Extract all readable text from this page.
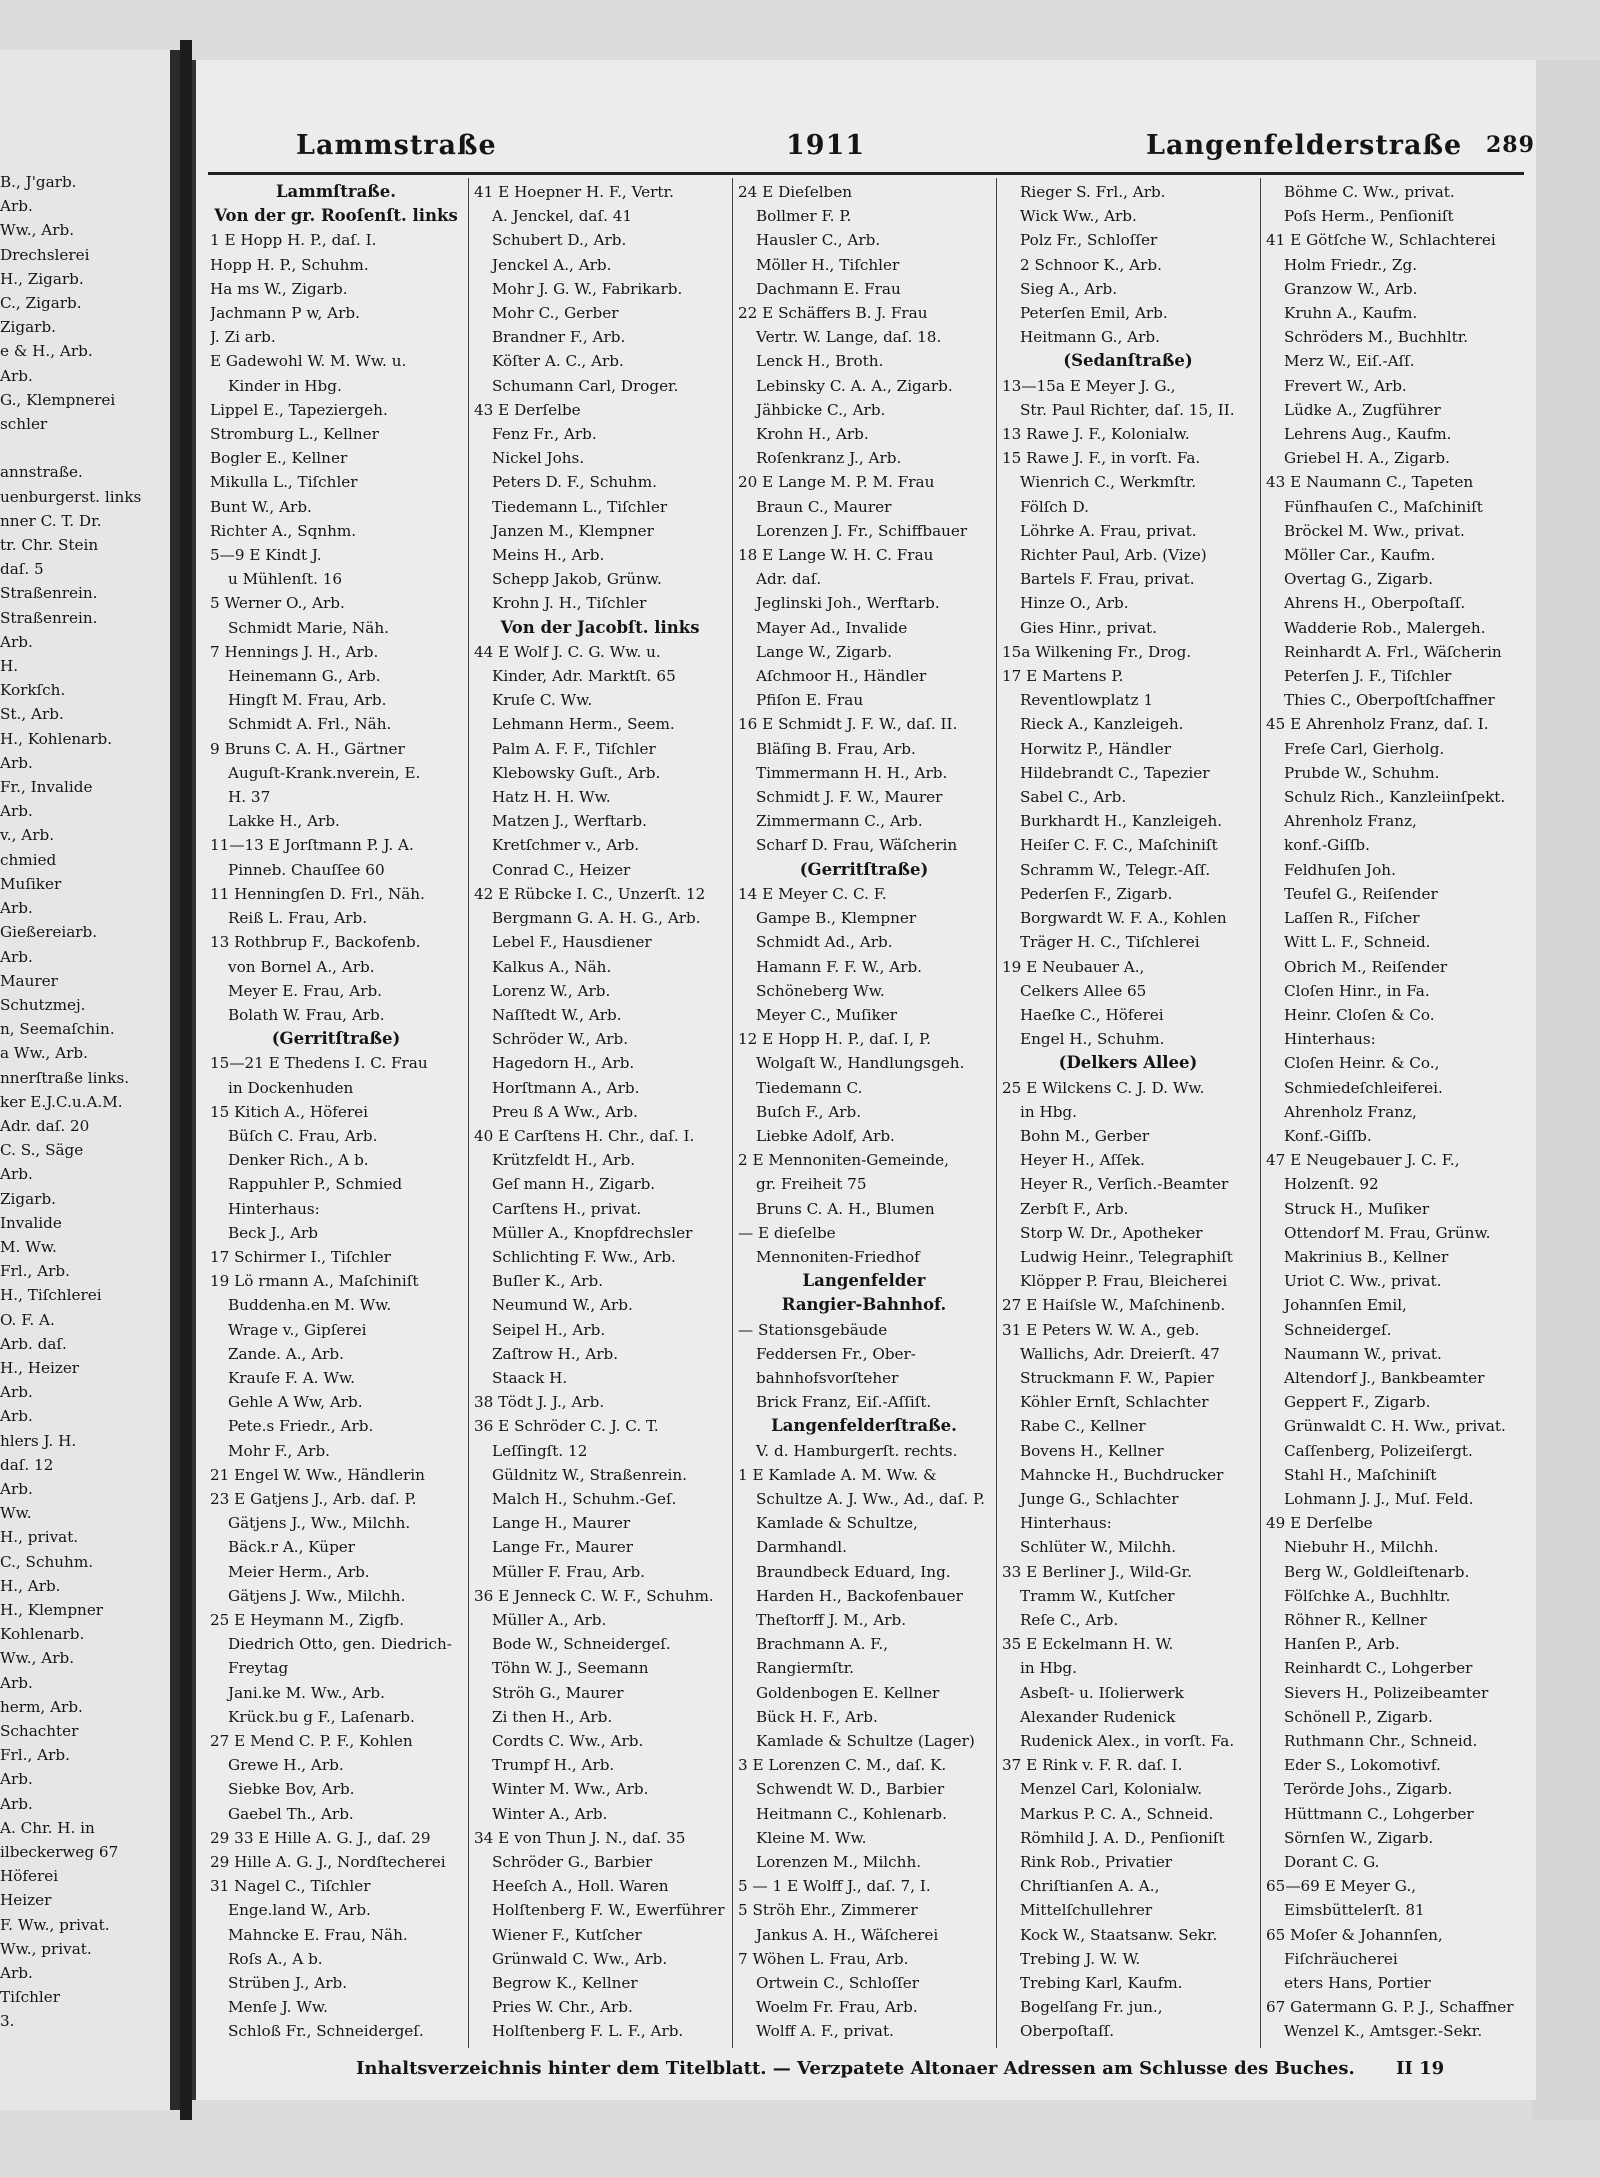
B., J'garb.
Arb.
Ww., Arb.
Drechslerei
H., Zigarb.
C., Zigarb.
Zigarb.
e & H., Arb.
Arb.
G., Klempnerei
schler

annstraße.
uenburgerst. links
nner C. T. Dr.
tr. Chr. Stein
daſ. 5
Straßenrein.
Straßenrein.
Arb.
H.
Korkſch.
St., Arb.
H., Kohlenarb.
Arb.
Fr., Invalide
Arb.
v., Arb.
chmied
Muſiker
Arb.
Gießereiarb.
Arb.
Maurer
Schutzmej.
n, Seemaſchin.
a Ww., Arb.
nnerſtraße links.
ker E.J.C.u.A.M.
Adr. daſ. 20
C. S., Säge
Arb.
Zigarb.
Invalide
M. Ww.
Frl., Arb.
H., Tiſchlerei
O. F. A.
Arb. daſ.
H., Heizer
Arb.
Arb.
hlers J. H.
daſ. 12
Arb.
Ww.
H., privat.
C., Schuhm.
H., Arb.
H., Klempner
Kohlenarb.
Ww., Arb.
Arb.
herm, Arb.
Schachter
Frl., Arb.
Arb.
Arb.
A. Chr. H. in
ilbeckerweg 67
Höferei
Heizer
F. Ww., privat.
Ww., privat.
Arb.
Tiſchler
3.
Lammstraße	1911	Langenfelderstraße 289
Lammſtraße.
Von der gr. Rooſenſt. links
1 E Hopp H. P., daſ. I.
Hopp H. P., Schuhm.
Ha ms W., Zigarb.
Jachmann P w, Arb.
J. Zi arb.
E Gadewohl W. M. Ww. u.
Kinder in Hbg.
Lippel E., Tapeziergeh.
Stromburg L., Kellner
Bogler E., Kellner
Mikulla L., Tiſchler
Bunt W., Arb.
Richter A., Sqnhm.
5—9 E Kindt J.
u Mühlenſt. 16
5 Werner O., Arb.
Schmidt Marie, Näh.
7 Hennings J. H., Arb.
Heinemann G., Arb.
Hingſt M. Frau, Arb.
Schmidt A. Frl., Näh.
9 Bruns C. A. H., Gärtner
Auguſt-Krank.nverein, E.
H. 37
Lakke H., Arb.
11—13 E Jorſtmann P. J. A.
Pinneb. Chauſſee 60
11 Henningſen D. Frl., Näh.
Reiß L. Frau, Arb.
13 Rothbrup F., Backofenb.
von Bornel A., Arb.
Meyer E. Frau, Arb.
Bolath W. Frau, Arb.
(Gerritſtraße)
15—21 E Thedens I. C. Frau
in Dockenhuden
15 Kitich A., Höferei
Büſch C. Frau, Arb.
Denker Rich., A b.
Rappuhler P., Schmied
Hinterhaus:
Beck J., Arb
17 Schirmer I., Tiſchler
19 Lö rmann A., Maſchiniſt
Buddenha.en M. Ww.
Wrage v., Gipſerei
Zande. A., Arb.
Krauſe F. A. Ww.
Gehle A Ww, Arb.
Pete.s Friedr., Arb.
Mohr F., Arb.
21 Engel W. Ww., Händlerin
23 E Gatjens J., Arb. daſ. P.
Gätjens J., Ww., Milchh.
Bäck.r A., Küper
Meier Herm., Arb.
Gätjens J. Ww., Milchh.
25 E Heymann M., Zigfb.
Diedrich Otto, gen. Diedrich-
Freytag
Jani.ke M. Ww., Arb.
Krück.bu g F., Laſenarb.
27 E Mend C. P. F., Kohlen
Grewe H., Arb.
Siebke Bov, Arb.
Gaebel Th., Arb.
29 33 E Hille A. G. J., daſ. 29
29 Hille A. G. J., Nordſtecherei
31 Nagel C., Tiſchler
Enge.land W., Arb.
Mahncke E. Frau, Näh.
Roſs A., A b.
Strüben J., Arb.
Menſe J. Ww.
Schloß Fr., Schneidergeſ.
41 E Hoepner H. F., Vertr.
A. Jenckel, daſ. 41
Schubert D., Arb.
Jenckel A., Arb.
Mohr J. G. W., Fabrikarb.
Mohr C., Gerber
Brandner F., Arb.
Köſter A. C., Arb.
Schumann Carl, Droger.
43 E Derſelbe
Fenz Fr., Arb.
Nickel Johs.
Peters D. F., Schuhm.
Tiedemann L., Tiſchler
Janzen M., Klempner
Meins H., Arb.
Schepp Jakob, Grünw.
Krohn J. H., Tiſchler
Von der Jacobſt. links
44 E Wolf J. C. G. Ww. u.
Kinder, Adr. Marktſt. 65
Kruſe C. Ww.
Lehmann Herm., Seem.
Palm A. F. F., Tiſchler
Klebowsky Guſt., Arb.
Hatz H. H. Ww.
Matzen J., Werftarb.
Kretſchmer v., Arb.
Conrad C., Heizer
42 E Rübcke I. C., Unzerſt. 12
Bergmann G. A. H. G., Arb.
Lebel F., Hausdiener
Kalkus A., Näh.
Lorenz W., Arb.
Naſſtedt W., Arb.
Schröder W., Arb.
Hagedorn H., Arb.
Horſtmann A., Arb.
Preu ß A Ww., Arb.
40 E Carſtens H. Chr., daſ. I.
Krützfeldt H., Arb.
Geſ mann H., Zigarb.
Carſtens H., privat.
Müller A., Knopfdrechsler
Schlichting F. Ww., Arb.
Buſler K., Arb.
Neumund W., Arb.
Seipel H., Arb.
Zaſtrow H., Arb.
Staack H.
38 Tödt J. J., Arb.
36 E Schröder C. J. C. T.
Leſſingſt. 12
Güldnitz W., Straßenrein.
Malch H., Schuhm.-Geſ.
Lange H., Maurer
Lange Fr., Maurer
Müller F. Frau, Arb.
36 E Jenneck C. W. F., Schuhm.
Müller A., Arb.
Bode W., Schneidergeſ.
Töhn W. J., Seemann
Ströh G., Maurer
Zi then H., Arb.
Cordts C. Ww., Arb.
Trumpf H., Arb.
Winter M. Ww., Arb.
Winter A., Arb.
34 E von Thun J. N., daſ. 35
Schröder G., Barbier
Heeſch A., Holl. Waren
Holſtenberg F. W., Ewerführer
Wiener F., Kutſcher
Grünwald C. Ww., Arb.
Begrow K., Kellner
Pries W. Chr., Arb.
Holſtenberg F. L. F., Arb.
24 E Dieſelben
Bollmer F. P.
Hausler C., Arb.
Möller H., Tiſchler
Dachmann E. Frau
22 E Schäffers B. J. Frau
Vertr. W. Lange, daſ. 18.
Lenck H., Broth.
Lebinsky C. A. A., Zigarb.
Jähbicke C., Arb.
Krohn H., Arb.
Roſenkranz J., Arb.
20 E Lange M. P. M. Frau
Braun C., Maurer
Lorenzen J. Fr., Schiffbauer
18 E Lange W. H. C. Frau
Adr. daſ.
Jeglinski Joh., Werftarb.
Mayer Ad., Invalide
Lange W., Zigarb.
Aſchmoor H., Händler
Pfiſon E. Frau
16 E Schmidt J. F. W., daſ. II.
Bläſing B. Frau, Arb.
Timmermann H. H., Arb.
Schmidt J. F. W., Maurer
Zimmermann C., Arb.
Scharf D. Frau, Wäſcherin
(Gerritſtraße)
14 E Meyer C. C. F.
Gampe B., Klempner
Schmidt Ad., Arb.
Hamann F. F. W., Arb.
Schöneberg Ww.
Meyer C., Muſiker
12 E Hopp H. P., daſ. I, P.
Wolgaſt W., Handlungsgeh.
Tiedemann C.
Buſch F., Arb.
Liebke Adolf, Arb.
2 E Mennoniten-Gemeinde,
gr. Freiheit 75
Bruns C. A. H., Blumen
— E dieſelbe
Mennoniten-Friedhof
Langenfelder
Rangier-Bahnhof.
— Stationsgebäude
Feddersen Fr., Ober-
bahnhofsvorſteher
Brick Franz, Eiſ.-Aſſiſt.
Langenfelderſtraße.
V. d. Hamburgerſt. rechts.
1 E Kamlade A. M. Ww. &
Schultze A. J. Ww., Ad., daſ. P.
Kamlade & Schultze,
Darmhandl.
Braundbeck Eduard, Ing.
Harden H., Backofenbauer
Theſtorff J. M., Arb.
Brachmann A. F.,
Rangiermſtr.
Goldenbogen E. Kellner
Bück H. F., Arb.
Kamlade & Schultze (Lager)
3 E Lorenzen C. M., daſ. K.
Schwendt W. D., Barbier
Heitmann C., Kohlenarb.
Kleine M. Ww.
Lorenzen M., Milchh.
5 — 1 E Wolff J., daſ. 7, I.
5 Ströh Ehr., Zimmerer
Jankus A. H., Wäſcherei
7 Wöhen L. Frau, Arb.
Ortwein C., Schloſſer
Woelm Fr. Frau, Arb.
Wolff A. F., privat.
Rieger S. Frl., Arb.
Wick Ww., Arb.
Polz Fr., Schloſſer
2 Schnoor K., Arb.
Sieg A., Arb.
Peterſen Emil, Arb.
Heitmann G., Arb.
(Sedanſtraße)
13—15a E Meyer J. G.,
Str. Paul Richter, daſ. 15, II.
13 Rawe J. F., Kolonialw.
15 Rawe J. F., in vorſt. Fa.
Wienrich C., Werkmſtr.
Fölſch D.
Löhrke A. Frau, privat.
Richter Paul, Arb. (Vize)
Bartels F. Frau, privat.
Hinze O., Arb.
Gies Hinr., privat.
15a Wilkening Fr., Drog.
17 E Martens P.
Reventlowplatz 1
Rieck A., Kanzleigeh.
Horwitz P., Händler
Hildebrandt C., Tapezier
Sabel C., Arb.
Burkhardt H., Kanzleigeh.
Heiſer C. F. C., Maſchiniſt
Schramm W., Telegr.-Aſſ.
Pederſen F., Zigarb.
Borgwardt W. F. A., Kohlen
Träger H. C., Tiſchlerei
19 E Neubauer A.,
Celkers Allee 65
Haeſke C., Höferei
Engel H., Schuhm.
(Delkers Allee)
25 E Wilckens C. J. D. Ww.
in Hbg.
Bohn M., Gerber
Heyer H., Aſſek.
Heyer R., Verſich.-Beamter
Zerbſt F., Arb.
Storp W. Dr., Apotheker
Ludwig Heinr., Telegraphiſt
Klöpper P. Frau, Bleicherei
27 E Haiſsle W., Maſchinenb.
31 E Peters W. W. A., geb.
Wallichs, Adr. Dreierſt. 47
Struckmann F. W., Papier
Köhler Ernſt, Schlachter
Rabe C., Kellner
Bovens H., Kellner
Mahncke H., Buchdrucker
Junge G., Schlachter
Hinterhaus:
Schlüter W., Milchh.
33 E Berliner J., Wild-Gr.
Tramm W., Kutſcher
Reſe C., Arb.
35 E Eckelmann H. W.
in Hbg.
Asbeſt- u. Iſolierwerk
Alexander Rudenick
Rudenick Alex., in vorſt. Fa.
37 E Rink v. F. R. daſ. I.
Menzel Carl, Kolonialw.
Markus P. C. A., Schneid.
Römhild J. A. D., Penſioniſt
Rink Rob., Privatier
Chriſtianſen A. A.,
Mittelſchullehrer
Kock W., Staatsanw. Sekr.
Trebing J. W. W.
Trebing Karl, Kaufm.
Bogelſang Fr. jun.,
Oberpoſtaſſ.
Böhme C. Ww., privat.
Poſs Herm., Penſioniſt
41 E Götſche W., Schlachterei
Holm Friedr., Zg.
Granzow W., Arb.
Kruhn A., Kaufm.
Schröders M., Buchhltr.
Merz W., Eiſ.-Aſſ.
Frevert W., Arb.
Lüdke A., Zugführer
Lehrens Aug., Kaufm.
Griebel H. A., Zigarb.
43 E Naumann C., Tapeten
Fünfhauſen C., Maſchiniſt
Bröckel M. Ww., privat.
Möller Car., Kaufm.
Overtag G., Zigarb.
Ahrens H., Oberpoſtaſſ.
Wadderie Rob., Malergeh.
Reinhardt A. Frl., Wäſcherin
Peterſen J. F., Tiſchler
Thies C., Oberpoſtſchaffner
45 E Ahrenholz Franz, daſ. I.
Freſe Carl, Gierholg.
Prubde W., Schuhm.
Schulz Rich., Kanzleiinſpekt.
Ahrenholz Franz,
konf.-Giſſb.
Feldhuſen Joh.
Teufel G., Reiſender
Laſſen R., Fiſcher
Witt L. F., Schneid.
Obrich M., Reiſender
Cloſen Hinr., in Fa.
Heinr. Cloſen & Co.
Hinterhaus:
Cloſen Heinr. & Co.,
Schmiedeſchleiferei.
Ahrenholz Franz,
Konf.-Giſſb.
47 E Neugebauer J. C. F.,
Holzenſt. 92
Struck H., Muſiker
Ottendorf M. Frau, Grünw.
Makrinius B., Kellner
Uriot C. Ww., privat.
Johannſen Emil,
Schneidergeſ.
Naumann W., privat.
Altendorf J., Bankbeamter
Geppert F., Zigarb.
Grünwaldt C. H. Ww., privat.
Caſſenberg, Polizeiſergt.
Stahl H., Maſchiniſt
Lohmann J. J., Muſ. Feld.
49 E Derſelbe
Niebuhr H., Milchh.
Berg W., Goldleiſtenarb.
Fölſchke A., Buchhltr.
Röhner R., Kellner
Hanſen P., Arb.
Reinhardt C., Lohgerber
Sievers H., Polizeibeamter
Schönell P., Zigarb.
Ruthmann Chr., Schneid.
Eder S., Lokomotivf.
Terörde Johs., Zigarb.
Hüttmann C., Lohgerber
Sörnſen W., Zigarb.
Dorant C. G.
65—69 E Meyer G.,
Eimsbüttelerſt. 81
65 Moſer & Johannſen,
Fiſchräucherei
eters Hans, Portier
67 Gatermann G. P. J., Schaffner
Wenzel K., Amtsger.-Sekr.
Inhaltsverzeichnis hinter dem Titelblatt. — Verzpatete Altonaer Adressen am Schlusse des Buches. II 19
